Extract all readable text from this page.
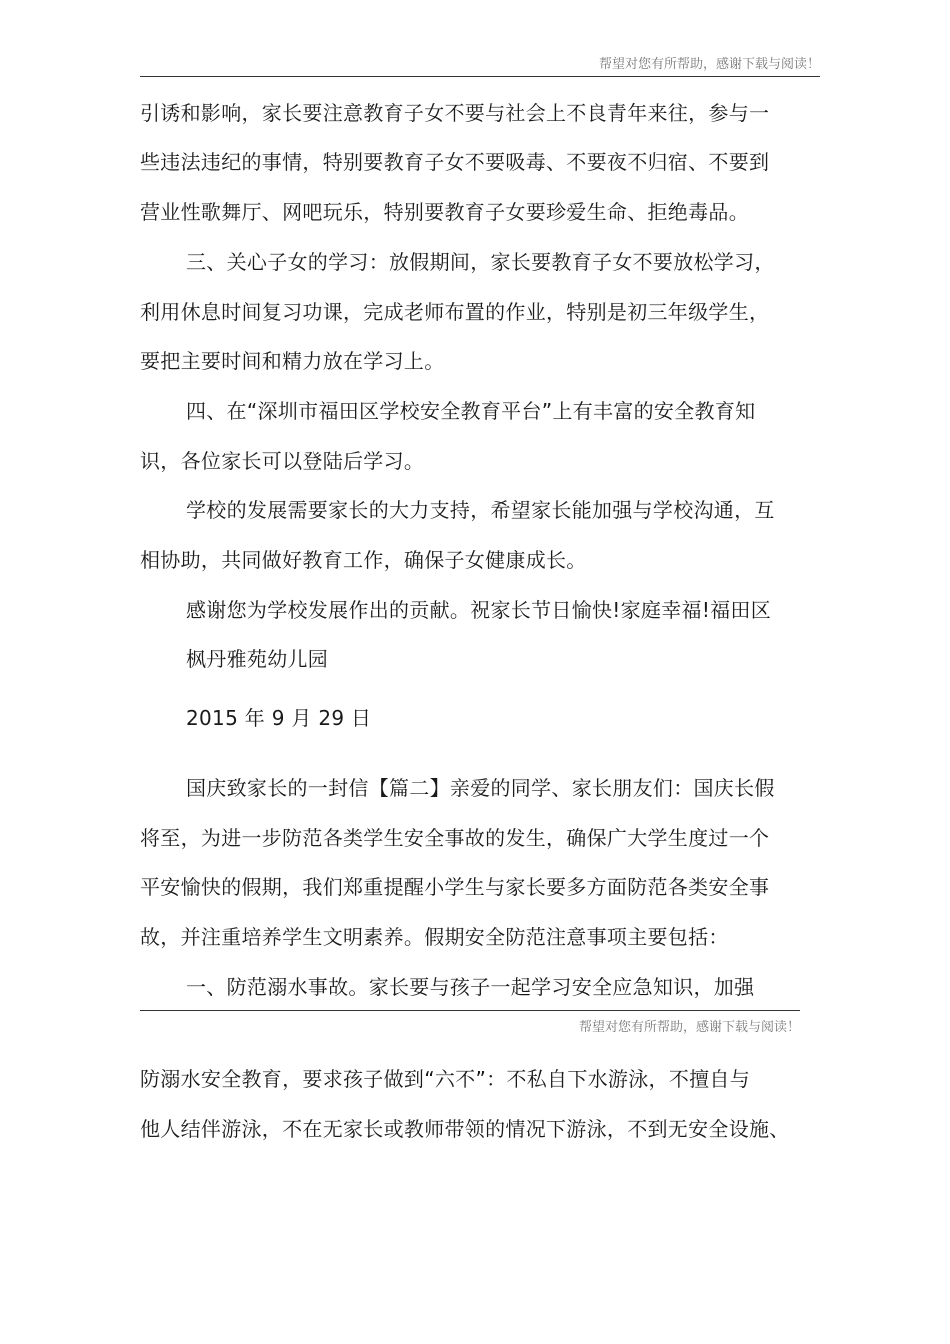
帮望对您有所帮助，感谢下载与阅读！
引诱和影响，家长要注意教育子女不要与社会上不良青年来往，参与一
些违法违纪的事情，特别要教育子女不要吸毒、不要夜不归宿、不要到
营业性歌舞厅、网吧玩乐，特别要教育子女要珍爱生命、拒绝毒品。
三、关心子女的学习：放假期间，家长要教育子女不要放松学习，
利用休息时间复习功课，完成老师布置的作业，特别是初三年级学生，
要把主要时间和精力放在学习上。
四、在“深圳市福田区学校安全教育平台”上有丰富的安全教育知
识，各位家长可以登陆后学习。
学校的发展需要家长的大力支持，希望家长能加强与学校沟通，互
相协助，共同做好教育工作，确保子女健康成长。
感谢您为学校发展作出的贡献。祝家长节日愉快!家庭幸福!福田区
枫丹雅苑幼儿园
2015 年 9 月 29 日
国庆致家长的一封信【篇二】亲爱的同学、家长朋友们：国庆长假
将至，为进一步防范各类学生安全事故的发生，确保广大学生度过一个
平安愉快的假期，我们郑重提醒小学生与家长要多方面防范各类安全事
故，并注重培养学生文明素养。假期安全防范注意事项主要包括：
一、防范溺水事故。家长要与孩子一起学习安全应急知识，加强
帮望对您有所帮助，感谢下载与阅读！
防溺水安全教育，要求孩子做到“六不”：不私自下水游泳，不擅自与
他人结伴游泳，不在无家长或教师带领的情况下游泳，不到无安全设施、
